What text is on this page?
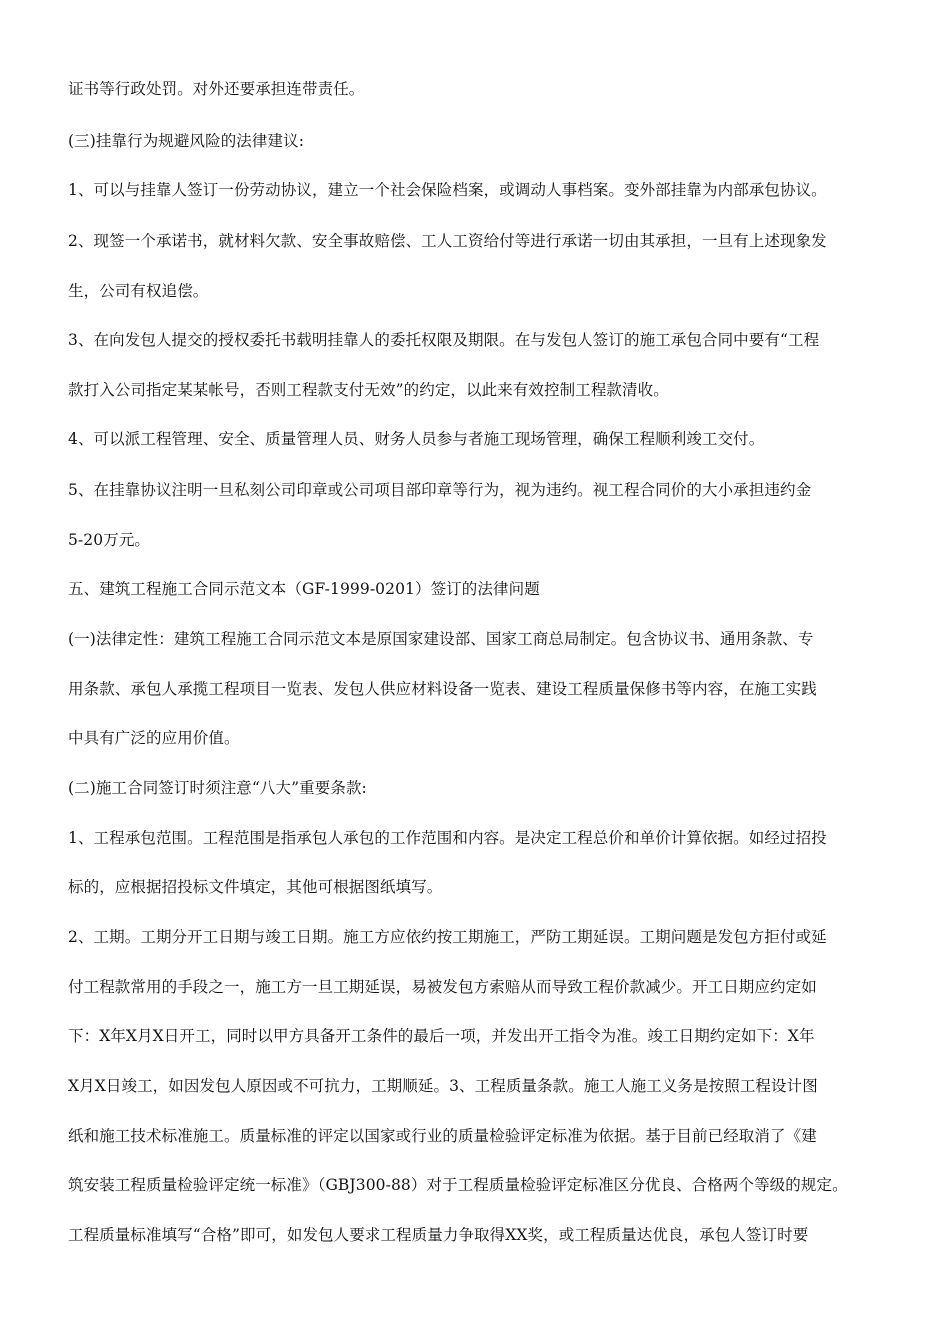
证书等行政处罚。对外还要承担连带责任。

(三)挂靠行为规避风险的法律建议:

1、可以与挂靠人签订一份劳动协议，建立一个社会保险档案，或调动人事档案。变外部挂靠为内部承包协议。

2、现签一个承诺书，就材料欠款、安全事故赔偿、工人工资给付等进行承诺一切由其承担，一旦有上述现象发

生，公司有权追偿。

3、在向发包人提交的授权委托书载明挂靠人的委托权限及期限。在与发包人签订的施工承包合同中要有“工程

款打入公司指定某某帐号，否则工程款支付无效”的约定，以此来有效控制工程款清收。

4、可以派工程管理、安全、质量管理人员、财务人员参与者施工现场管理，确保工程顺利竣工交付。

5、在挂靠协议注明一旦私刻公司印章或公司项目部印章等行为，视为违约。视工程合同价的大小承担违约金

5-20万元。

五、建筑工程施工合同示范文本（GF-1999-0201）签订的法律问题

(一)法律定性：建筑工程施工合同示范文本是原国家建设部、国家工商总局制定。包含协议书、通用条款、专

用条款、承包人承揽工程项目一览表、发包人供应材料设备一览表、建设工程质量保修书等内容，在施工实践

中具有广泛的应用价值。

(二)施工合同签订时须注意“八大”重要条款:

1、工程承包范围。工程范围是指承包人承包的工作范围和内容。是决定工程总价和单价计算依据。如经过招投

标的，应根据招投标文件填定，其他可根据图纸填写。

2、工期。工期分开工日期与竣工日期。施工方应依约按工期施工，严防工期延误。工期问题是发包方拒付或延

付工程款常用的手段之一，施工方一旦工期延误，易被发包方索赔从而导致工程价款减少。开工日期应约定如

下：X年X月X日开工，同时以甲方具备开工条件的最后一项，并发出开工指令为准。竣工日期约定如下：X年

X月X日竣工，如因发包人原因或不可抗力，工期顺延。3、工程质量条款。施工人施工义务是按照工程设计图

纸和施工技术标准施工。质量标准的评定以国家或行业的质量检验评定标准为依据。基于目前已经取消了《建

筑安装工程质量检验评定统一标准》（GBJ300-88）对于工程质量检验评定标准区分优良、合格两个等级的规定。

工程质量标准填写“合格”即可，如发包人要求工程质量力争取得XX奖，或工程质量达优良，承包人签订时要
